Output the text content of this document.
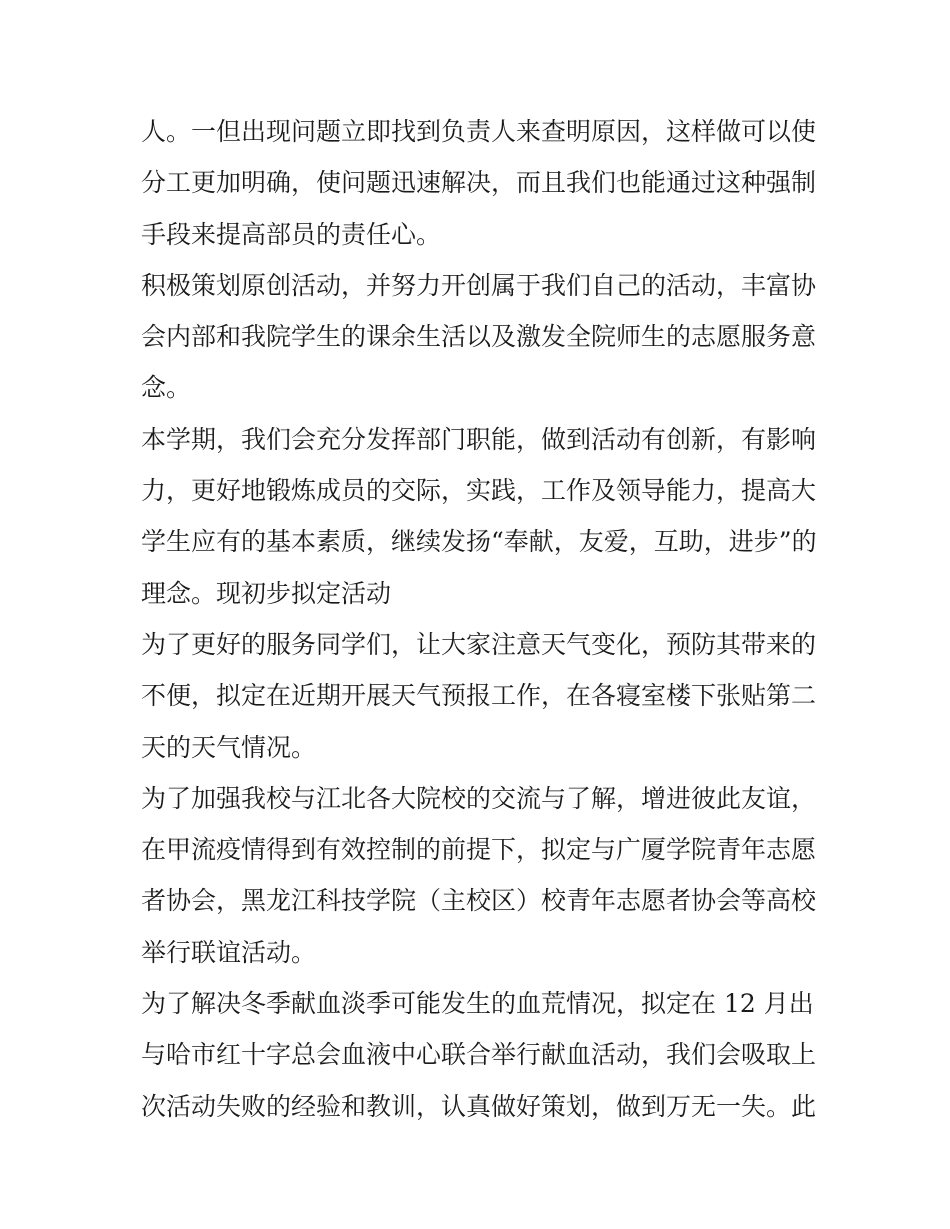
人。一但出现问题立即找到负责人来查明原因，这样做可以使
分工更加明确，使问题迅速解决，而且我们也能通过这种强制
手段来提高部员的责任心。
积极策划原创活动，并努力开创属于我们自己的活动，丰富协
会内部和我院学生的课余生活以及激发全院师生的志愿服务意
念。
本学期，我们会充分发挥部门职能，做到活动有创新，有影响
力，更好地锻炼成员的交际，实践，工作及领导能力，提高大
学生应有的基本素质，继续发扬“奉献，友爱，互助，进步”的
理念。现初步拟定活动
为了更好的服务同学们，让大家注意天气变化，预防其带来的
不便，拟定在近期开展天气预报工作，在各寝室楼下张贴第二
天的天气情况。
为了加强我校与江北各大院校的交流与了解，增进彼此友谊，
在甲流疫情得到有效控制的前提下，拟定与广厦学院青年志愿
者协会，黑龙江科技学院（主校区）校青年志愿者协会等高校
举行联谊活动。
为了解决冬季献血淡季可能发生的血荒情况，拟定在 12 月出
与哈市红十字总会血液中心联合举行献血活动，我们会吸取上
次活动失败的经验和教训，认真做好策划，做到万无一失。此
